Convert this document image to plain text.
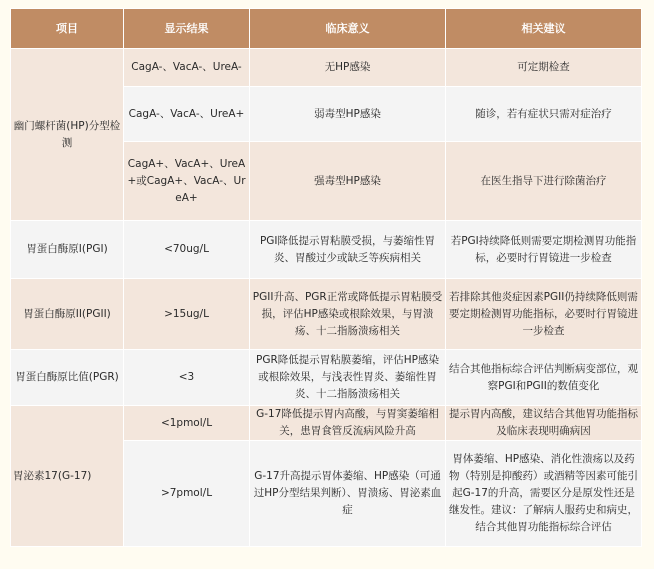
项目	显示结果	临床意义	相关建议
幽门螺杆菌(HP)分型检测	CagA-、VacA-、UreA-	无HP感染	可定期检查
	CagA-、VacA-、UreA+	弱毒型HP感染	随诊，若有症状只需对症治疗
	CagA+、VacA+、UreA+或CagA+、VacA-、UreA+	强毒型HP感染	在医生指导下进行除菌治疗
胃蛋白酶原I(PGI)	<70ug/L	PGI降低提示胃粘膜受损，与萎缩性胃炎、胃酸过少或缺乏等疾病相关	若PGI持续降低则需要定期检测胃功能指标，必要时行胃镜进一步检查
胃蛋白酶原II(PGII)	>15ug/L	PGII升高、PGR正常或降低提示胃粘膜受损，评估HP感染或根除效果，与胃溃疡、十二指肠溃疡相关	若排除其他炎症因素PGII仍持续降低则需要定期检测胃功能指标，必要时行胃镜进一步检查
胃蛋白酶原比值(PGR)	<3	PGR降低提示胃粘膜萎缩，评估HP感染或根除效果，与浅表性胃炎、萎缩性胃炎、十二指肠溃疡相关	结合其他指标综合评估判断病变部位，观察PGI和PGII的数值变化
胃泌素17(G-17)	<1pmol/L	G-17降低提示胃内高酸，与胃窦萎缩相关，患胃食管反流病风险升高	提示胃内高酸，建议结合其他胃功能指标及临床表现明确病因
	>7pmol/L	G-17升高提示胃体萎缩、HP感染（可通过HP分型结果判断）、胃溃疡、胃泌素血症	胃体萎缩、HP感染、消化性溃疡以及药物（特别是抑酸药）或酒精等因素可能引起G-17的升高，需要区分是原发性还是继发性。建议：了解病人服药史和病史，结合其他胃功能指标综合评估
